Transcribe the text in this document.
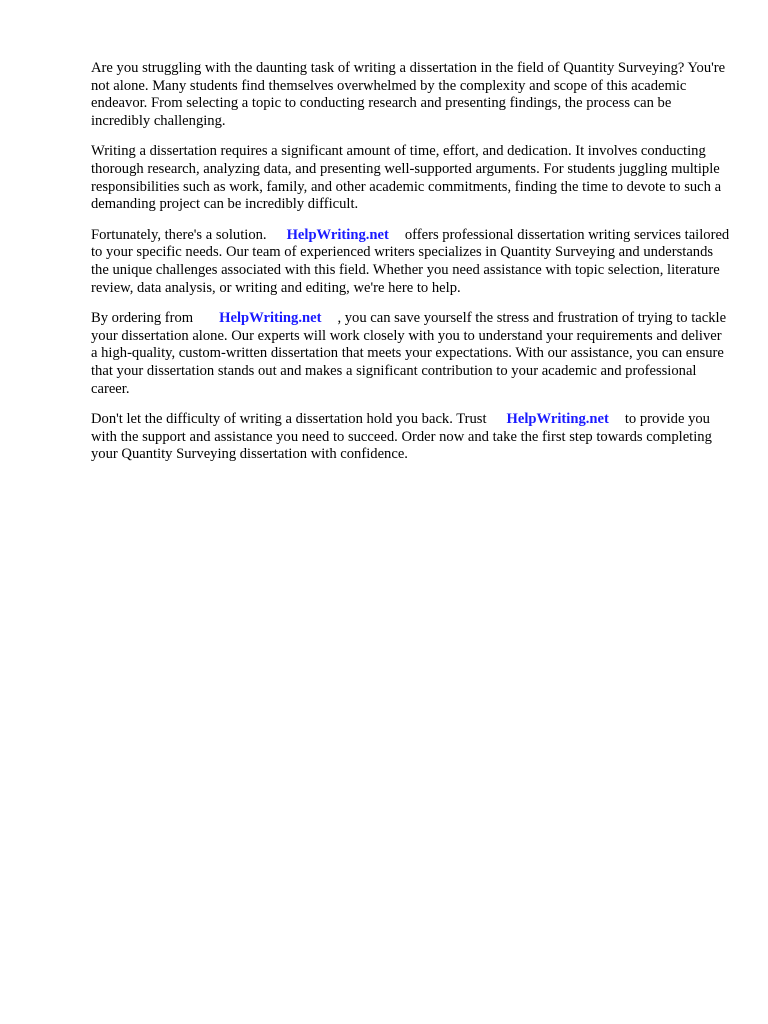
Are you struggling with the daunting task of writing a dissertation in the field of Quantity Surveying? You're not alone. Many students find themselves overwhelmed by the complexity and scope of this academic endeavor. From selecting a topic to conducting research and presenting findings, the process can be incredibly challenging.

Writing a dissertation requires a significant amount of time, effort, and dedication. It involves conducting thorough research, analyzing data, and presenting well-supported arguments. For students juggling multiple responsibilities such as work, family, and other academic commitments, finding the time to devote to such a demanding project can be incredibly difficult.

Fortunately, there's a solution. HelpWriting.net offers professional dissertation writing services tailored to your specific needs. Our team of experienced writers specializes in Quantity Surveying and understands the unique challenges associated with this field. Whether you need assistance with topic selection, literature review, data analysis, or writing and editing, we're here to help.

By ordering from HelpWriting.net , you can save yourself the stress and frustration of trying to tackle your dissertation alone. Our experts will work closely with you to understand your requirements and deliver a high-quality, custom-written dissertation that meets your expectations. With our assistance, you can ensure that your dissertation stands out and makes a significant contribution to your academic and professional career.

Don't let the difficulty of writing a dissertation hold you back. Trust HelpWriting.net to provide you with the support and assistance you need to succeed. Order now and take the first step towards completing your Quantity Surveying dissertation with confidence.
